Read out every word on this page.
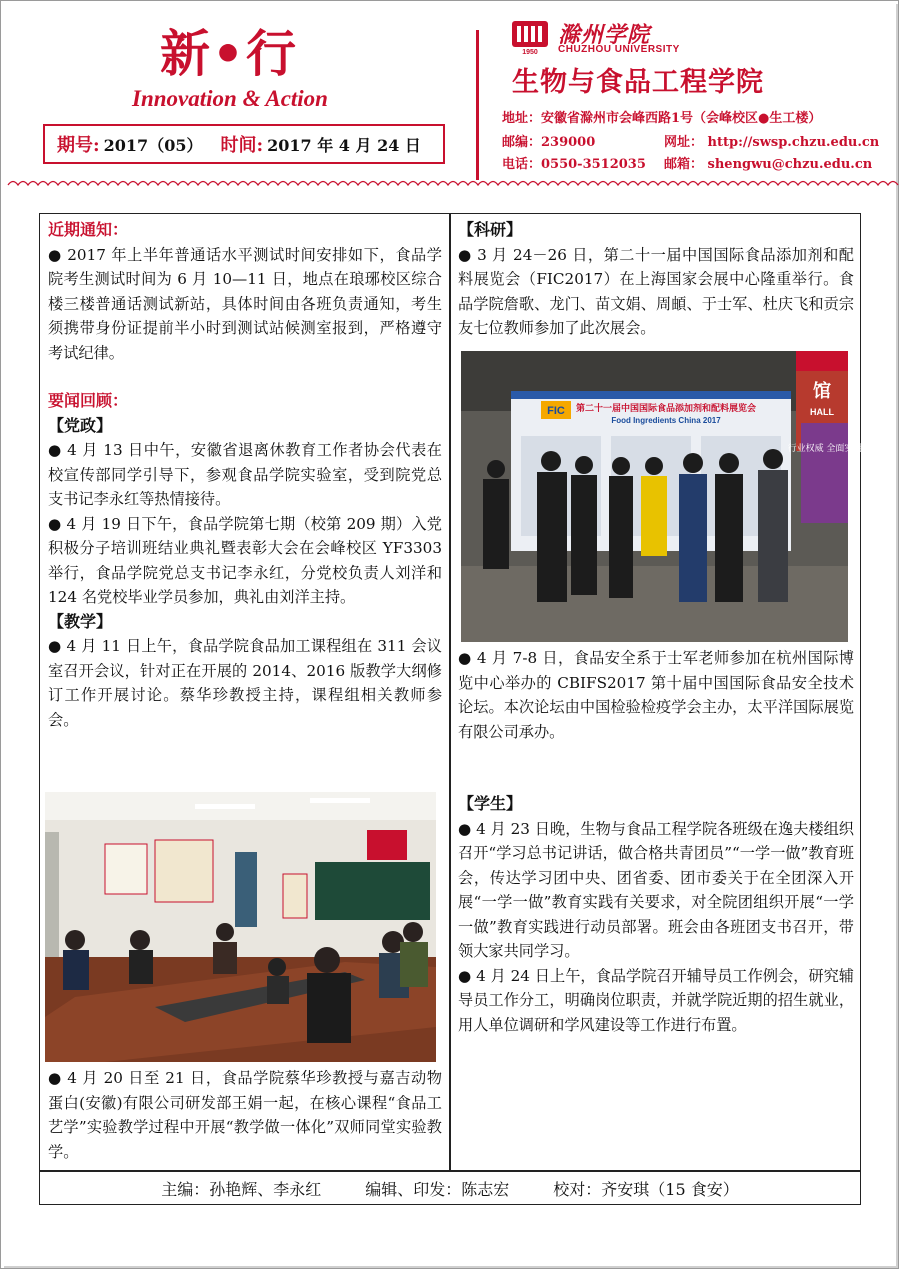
新•行
Innovation & Action
期号: 2017（05） 时间: 2017 年 4 月 24 日
1950
滁州学院
CHUZHOU UNIVERSITY
生物与食品工程学院
地址：安徽省滁州市会峰西路1号（会峰校区●生工楼）
邮编：239000	网址： http://swsp.chzu.edu.cn
电话：0550-3512035 邮箱： shengwu@chzu.edu.cn

近期通知：

● 2017 年上半年普通话水平测试时间安排如下，食品学院考生测试时间为 6 月 10—11 日，地点在琅琊校区综合楼三楼普通话测试新站，具体时间由各班负责通知，考生须携带身份证提前半小时到测试站候测室报到，严格遵守考试纪律。

要闻回顾：

【党政】

● 4 月 13 日中午，安徽省退离休教育工作者协会代表在校宣传部同学引导下，参观食品学院实验室，受到院党总支书记李永红等热情接待。

● 4 月 19 日下午，食品学院第七期（校第 209 期）入党积极分子培训班结业典礼暨表彰大会在会峰校区 YF3303 举行，食品学院党总支书记李永红，分党校负责人刘洋和 124 名党校毕业学员参加，典礼由刘洋主持。

【教学】

● 4 月 11 日上午，食品学院食品加工课程组在 311 会议室召开会议，针对正在开展的 2014、2016 版教学大纲修订工作开展讨论。蔡华珍教授主持，课程组相关教师参会。

● 4 月 20 日至 21 日，食品学院蔡华珍教授与嘉吉动物蛋白(安徽)有限公司研发部王娟一起，在核心课程“食品工艺学”实验教学过程中开展“教学做一体化”双师同堂实验教学。

【科研】

● 3 月 24－26 日，第二十一届中国国际食品添加剂和配料展览会（FIC2017）在上海国家会展中心隆重举行。食品学院詹歌、龙门、苗文娟、周頔、于士军、杜庆飞和贡宗友七位教师参加了此次展会。

FIC 第二十一届中国国际食品添加剂和配料展览会
Food Ingredients China 2017
馆
HALL
行业权威 全面实用

● 4 月 7-8 日，食品安全系于士军老师参加在杭州国际博览中心举办的 CBIFS2017 第十届中国国际食品安全技术论坛。本次论坛由中国检验检疫学会主办，太平洋国际展览有限公司承办。

【学生】

● 4 月 23 日晚，生物与食品工程学院各班级在逸夫楼组织召开“学习总书记讲话，做合格共青团员”“一学一做”教育班会，传达学习团中央、团省委、团市委关于在全团深入开展“一学一做”教育实践有关要求，对全院团组织开展“一学一做”教育实践进行动员部署。班会由各班团支书召开，带领大家共同学习。

● 4 月 24 日上午，食品学院召开辅导员工作例会，研究辅导员工作分工，明确岗位职责，并就学院近期的招生就业，用人单位调研和学风建设等工作进行布置。

主编：孙艳辉、李永红	编辑、印发：陈志宏	校对：齐安琪（15 食安）
